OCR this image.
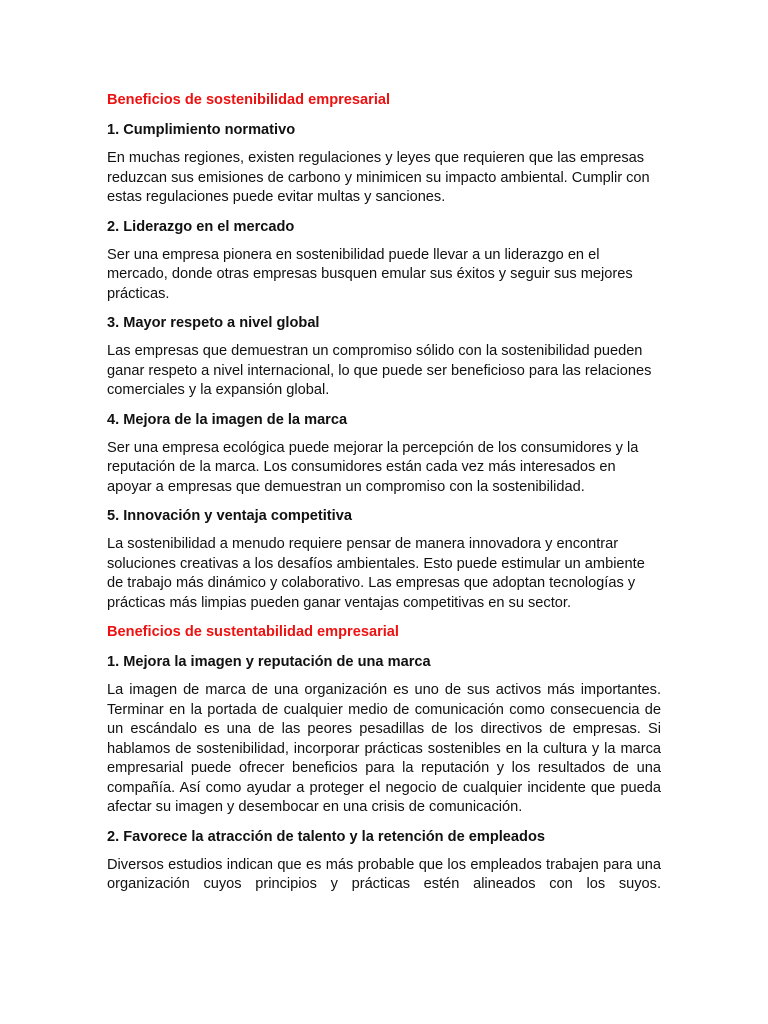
Beneficios de sostenibilidad empresarial
1. Cumplimiento normativo
En muchas regiones, existen regulaciones y leyes que requieren que las empresas reduzcan sus emisiones de carbono y minimicen su impacto ambiental. Cumplir con estas regulaciones puede evitar multas y sanciones.
2. Liderazgo en el mercado
Ser una empresa pionera en sostenibilidad puede llevar a un liderazgo en el mercado, donde otras empresas busquen emular sus éxitos y seguir sus mejores prácticas.
3. Mayor respeto a nivel global
Las empresas que demuestran un compromiso sólido con la sostenibilidad pueden ganar respeto a nivel internacional, lo que puede ser beneficioso para las relaciones comerciales y la expansión global.
4. Mejora de la imagen de la marca
Ser una empresa ecológica puede mejorar la percepción de los consumidores y la reputación de la marca. Los consumidores están cada vez más interesados en apoyar a empresas que demuestran un compromiso con la sostenibilidad.
5. Innovación y ventaja competitiva
La sostenibilidad a menudo requiere pensar de manera innovadora y encontrar soluciones creativas a los desafíos ambientales. Esto puede estimular un ambiente de trabajo más dinámico y colaborativo. Las empresas que adoptan tecnologías y prácticas más limpias pueden ganar ventajas competitivas en su sector.
Beneficios de sustentabilidad empresarial
1. Mejora la imagen y reputación de una marca
La imagen de marca de una organización es uno de sus activos más importantes. Terminar en la portada de cualquier medio de comunicación como consecuencia de un escándalo es una de las peores pesadillas de los directivos de empresas. Si hablamos de sostenibilidad, incorporar prácticas sostenibles en la cultura y la marca empresarial puede ofrecer beneficios para la reputación y los resultados de una compañía. Así como ayudar a proteger el negocio de cualquier incidente que pueda afectar su imagen y desembocar en una crisis de comunicación.
2. Favorece la atracción de talento y la retención de empleados
Diversos estudios indican que es más probable que los empleados trabajen para una organización cuyos principios y prácticas estén alineados con los suyos.
